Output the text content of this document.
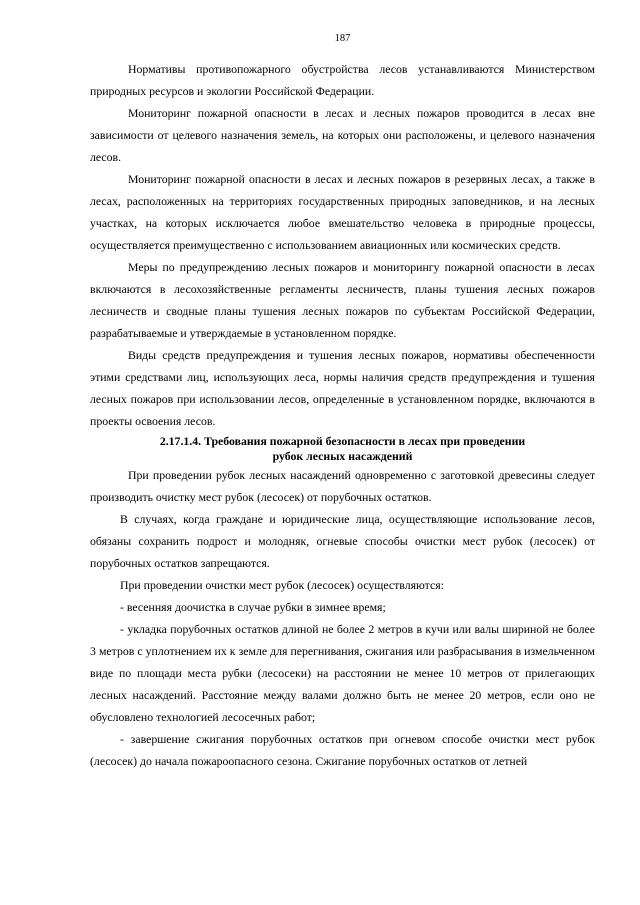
187

Нормативы противопожарного обустройства лесов устанавливаются Министерством природных ресурсов и экологии Российской Федерации.

Мониторинг пожарной опасности в лесах и лесных пожаров проводится в лесах вне зависимости от целевого назначения земель, на которых они расположены, и целевого назначения лесов.

Мониторинг пожарной опасности в лесах и лесных пожаров в резервных лесах, а также в лесах, расположенных на территориях государственных природных заповедников, и на лесных участках, на которых исключается любое вмешательство человека в природные процессы, осуществляется преимущественно с использованием авиационных или космических средств.

Меры по предупреждению лесных пожаров и мониторингу пожарной опасности в лесах включаются в лесохозяйственные регламенты лесничеств, планы тушения лесных пожаров лесничеств и сводные планы тушения лесных пожаров по субъектам Российской Федерации, разрабатываемые и утверждаемые в установленном порядке.

Виды средств предупреждения и тушения лесных пожаров, нормативы обеспеченности этими средствами лиц, использующих леса, нормы наличия средств предупреждения и тушения лесных пожаров при использовании лесов, определенные в установленном порядке, включаются в проекты освоения лесов.

2.17.1.4. Требования пожарной безопасности в лесах при проведении
рубок лесных насаждений

При проведении рубок лесных насаждений одновременно с заготовкой древесины следует производить очистку мест рубок (лесосек) от порубочных остатков.

В случаях, когда граждане и юридические лица, осуществляющие использование лесов, обязаны сохранить подрост и молодняк, огневые способы очистки мест рубок (лесосек) от порубочных остатков запрещаются.

При проведении очистки мест рубок (лесосек) осуществляются:

- весенняя доочистка в случае рубки в зимнее время;

- укладка порубочных остатков длиной не более 2 метров в кучи или валы шириной не более 3 метров с уплотнением их к земле для перегнивания, сжигания или разбрасывания в измельченном виде по площади места рубки (лесосеки) на расстоянии не менее 10 метров от прилегающих лесных насаждений. Расстояние между валами должно быть не менее 20 метров, если оно не обусловлено технологией лесосечных работ;

- завершение сжигания порубочных остатков при огневом способе очистки мест рубок (лесосек) до начала пожароопасного сезона. Сжигание порубочных остатков от летней
